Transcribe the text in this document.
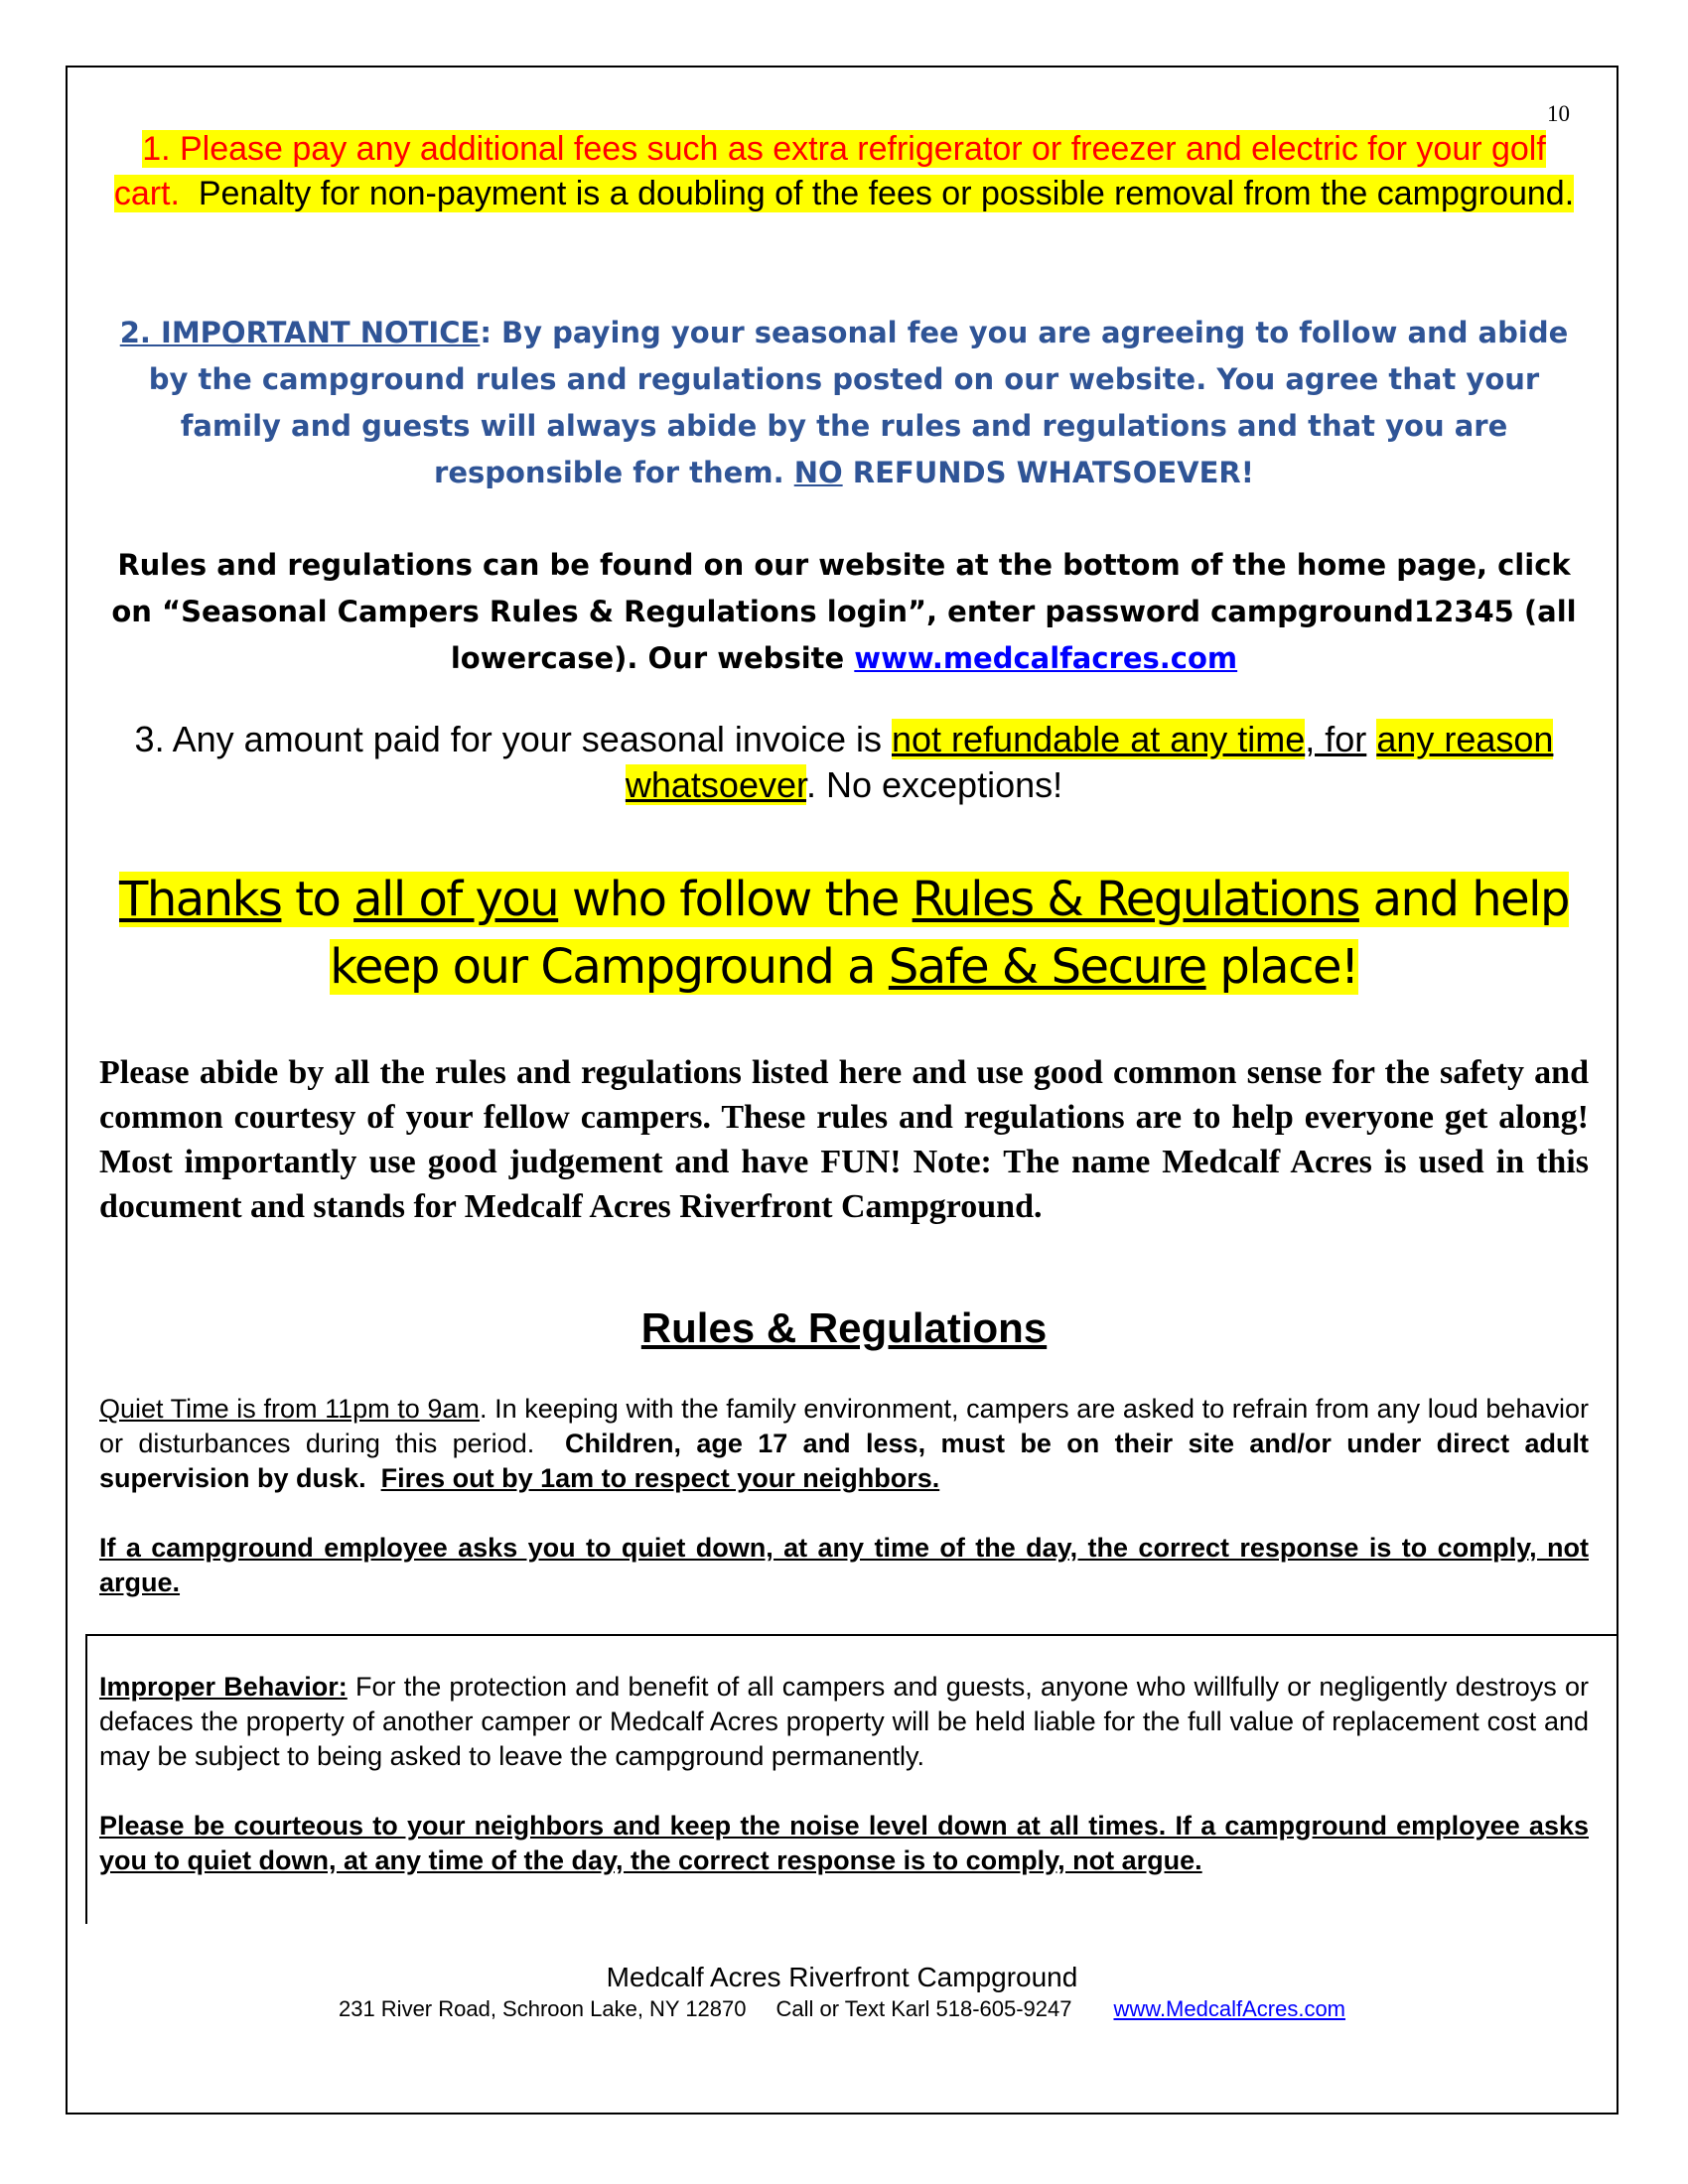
10
1. Please pay any additional fees such as extra refrigerator or freezer and electric for your golf cart. Penalty for non-payment is a doubling of the fees or possible removal from the campground.
2. IMPORTANT NOTICE: By paying your seasonal fee you are agreeing to follow and abide by the campground rules and regulations posted on our website. You agree that your family and guests will always abide by the rules and regulations and that you are responsible for them. NO REFUNDS WHATSOEVER!
Rules and regulations can be found on our website at the bottom of the home page, click on “Seasonal Campers Rules & Regulations login”, enter password campground12345 (all lowercase). Our website www.medcalfacres.com
3. Any amount paid for your seasonal invoice is not refundable at any time, for any reason whatsoever. No exceptions!
Thanks to all of you who follow the Rules & Regulations and help keep our Campground a Safe & Secure place!
Please abide by all the rules and regulations listed here and use good common sense for the safety and common courtesy of your fellow campers. These rules and regulations are to help everyone get along! Most importantly use good judgement and have FUN! Note: The name Medcalf Acres is used in this document and stands for Medcalf Acres Riverfront Campground.
Rules & Regulations
Quiet Time is from 11pm to 9am. In keeping with the family environment, campers are asked to refrain from any loud behavior or disturbances during this period. Children, age 17 and less, must be on their site and/or under direct adult supervision by dusk. Fires out by 1am to respect your neighbors.
If a campground employee asks you to quiet down, at any time of the day, the correct response is to comply, not argue.
Improper Behavior: For the protection and benefit of all campers and guests, anyone who willfully or negligently destroys or defaces the property of another camper or Medcalf Acres property will be held liable for the full value of replacement cost and may be subject to being asked to leave the campground permanently.
Please be courteous to your neighbors and keep the noise level down at all times. If a campground employee asks you to quiet down, at any time of the day, the correct response is to comply, not argue.
Medcalf Acres Riverfront Campground
231 River Road, Schroon Lake, NY 12870 Call or Text Karl 518-605-9247 www.MedcalfAcres.com
